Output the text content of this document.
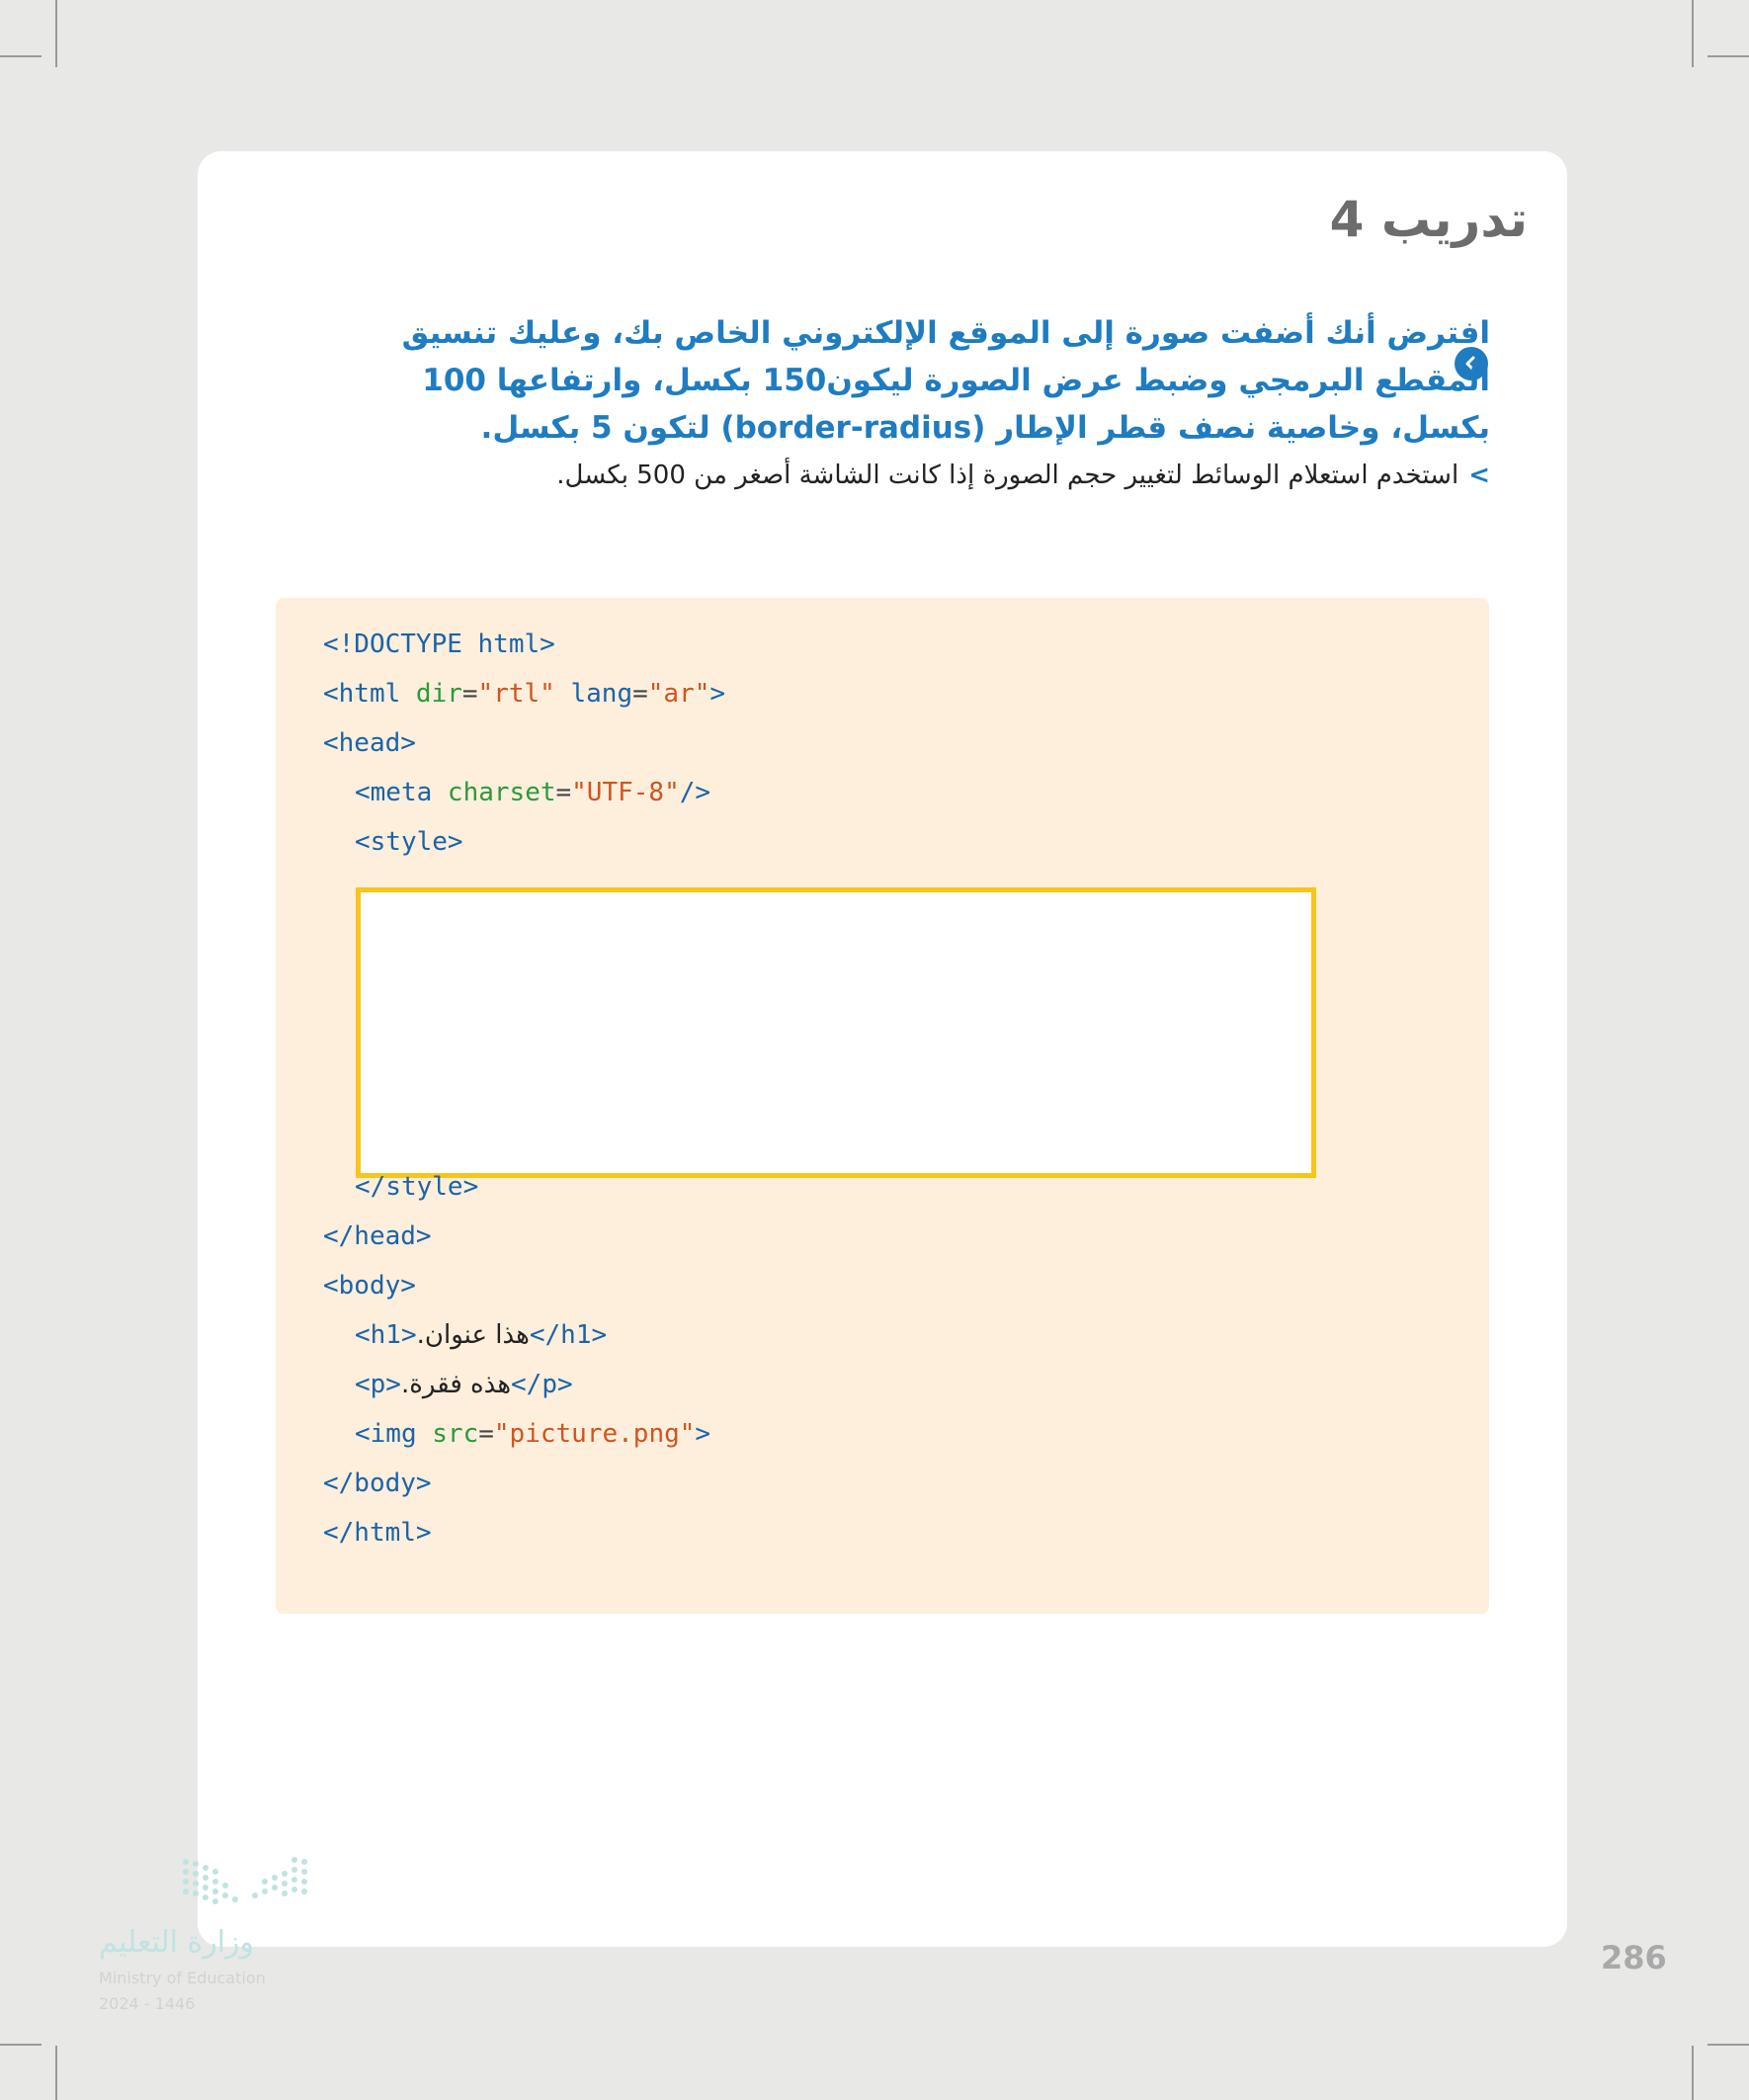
تدريب 4

افترض أنك أضفت صورة إلى الموقع الإلكتروني الخاص بك، وعليك تنسيق المقطع البرمجي وضبط عرض الصورة ليكون150 بكسل، وارتفاعها 100 بكسل، وخاصية نصف قطر الإطار (border-radius) لتكون 5 بكسل.

>استخدم استعلام الوسائط لتغيير حجم الصورة إذا كانت الشاشة أصغر من 500 بكسل.
<!DOCTYPE html>
<html dir="rtl" lang="ar">
<head>
<meta charset="UTF-8"/>
<style>
</style>
</head>
<body>
<h1>هذا عنوان.</h1>
<p>هذه فقرة.</p>
<img src="picture.png">
</body>
</html>
وزارة التعليم
Ministry of Education
2024 - 1446
286
